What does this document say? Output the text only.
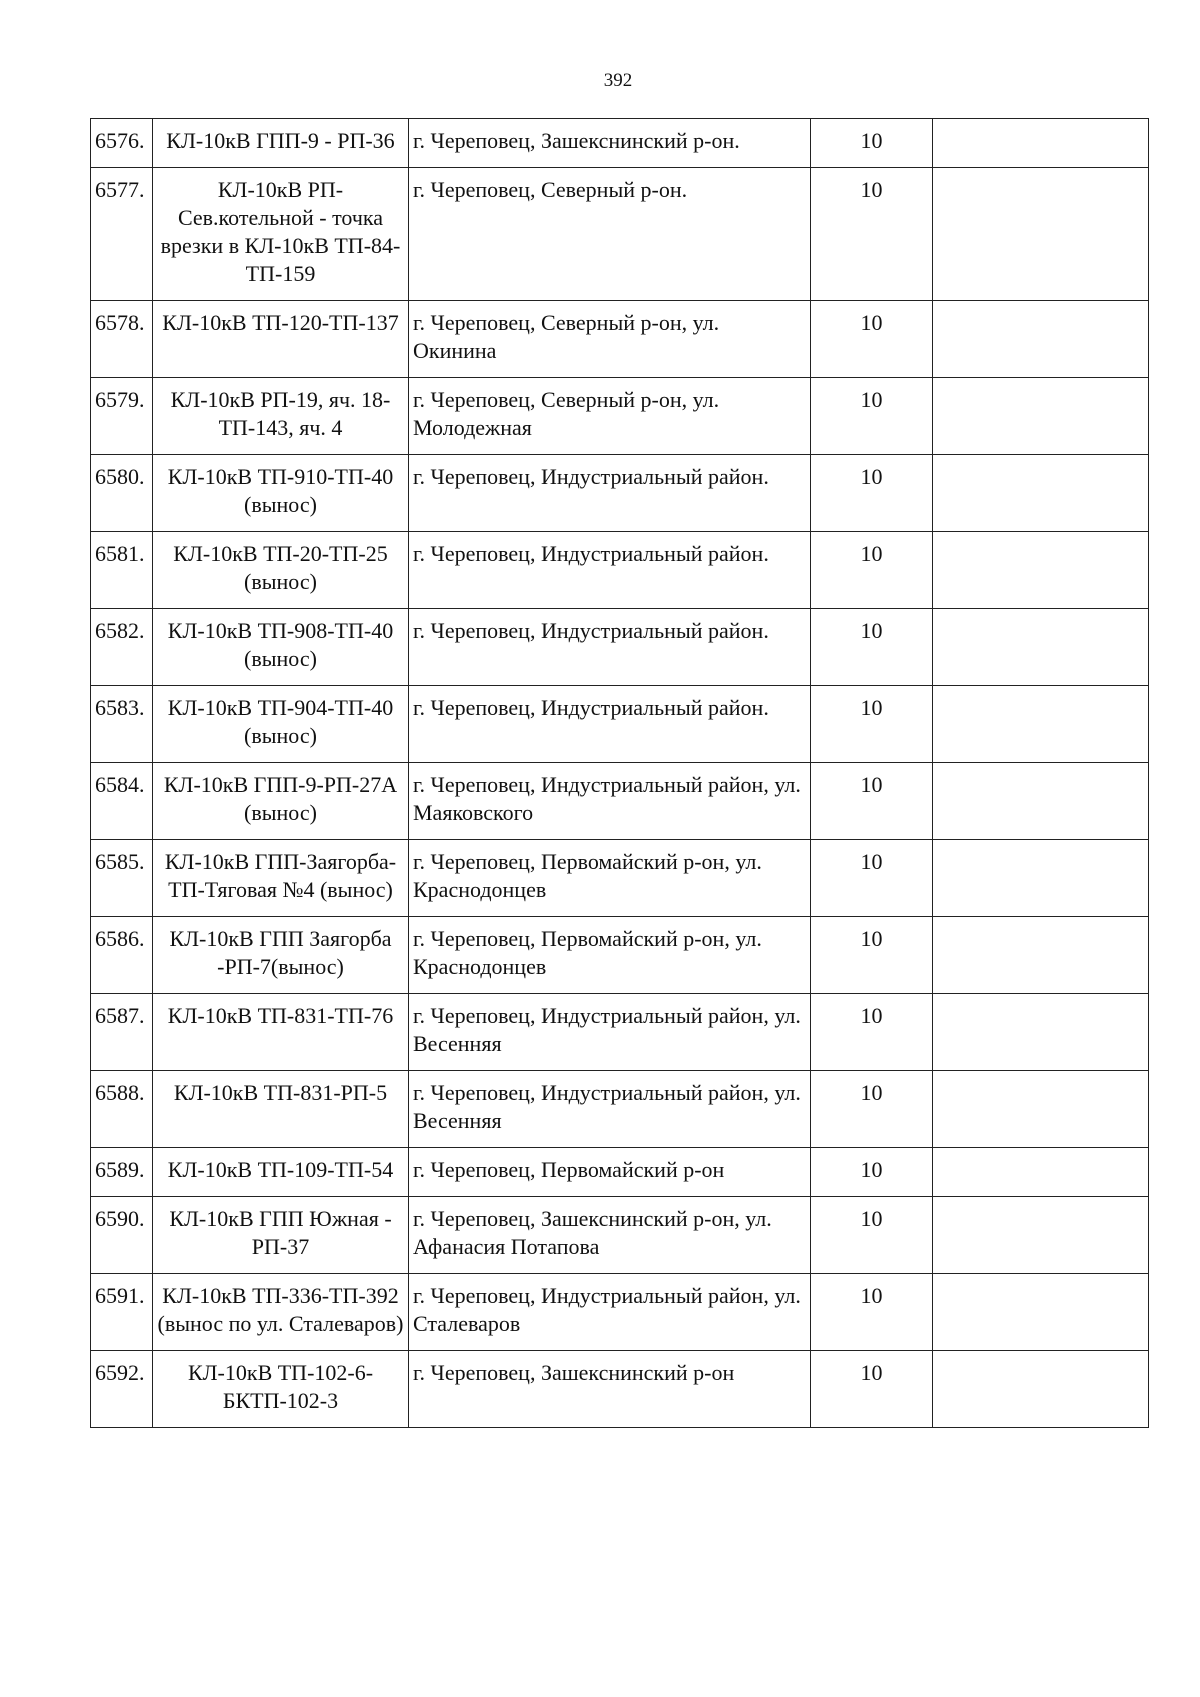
392
6576.	КЛ-10кВ ГПП-9 - РП-36	г. Череповец, Зашекснинский р-он.	10	
6577.	КЛ-10кВ РП-Сев.котельной - точка врезки в КЛ-10кВ ТП-84-ТП-159	г. Череповец, Северный р-он.	10	
6578.	КЛ-10кВ ТП-120-ТП-137	г. Череповец, Северный р-он, ул. Окинина	10	
6579.	КЛ-10кВ РП-19, яч. 18-ТП-143, яч. 4	г. Череповец, Северный р-он, ул. Молодежная	10	
6580.	КЛ-10кВ ТП-910-ТП-40 (вынос)	г. Череповец, Индустриальный район.	10	
6581.	КЛ-10кВ ТП-20-ТП-25 (вынос)	г. Череповец, Индустриальный район.	10	
6582.	КЛ-10кВ ТП-908-ТП-40 (вынос)	г. Череповец, Индустриальный район.	10	
6583.	КЛ-10кВ ТП-904-ТП-40 (вынос)	г. Череповец, Индустриальный район.	10	
6584.	КЛ-10кВ ГПП-9-РП-27А (вынос)	г. Череповец, Индустриальный район, ул. Маяковского	10	
6585.	КЛ-10кВ ГПП-Заягорба-ТП-Тяговая №4 (вынос)	г. Череповец, Первомайский р-он, ул. Краснодонцев	10	
6586.	КЛ-10кВ ГПП Заягорба -РП-7(вынос)	г. Череповец, Первомайский р-он, ул. Краснодонцев	10	
6587.	КЛ-10кВ ТП-831-ТП-76	г. Череповец, Индустриальный район, ул. Весенняя	10	
6588.	КЛ-10кВ ТП-831-РП-5	г. Череповец, Индустриальный район, ул. Весенняя	10	
6589.	КЛ-10кВ ТП-109-ТП-54	г. Череповец, Первомайский р-он	10	
6590.	КЛ-10кВ ГПП Южная - РП-37	г. Череповец, Зашекснинский р-он, ул. Афанасия Потапова	10	
6591.	КЛ-10кВ ТП-336-ТП-392 (вынос по ул. Сталеваров)	г. Череповец, Индустриальный район, ул. Сталеваров	10	
6592.	КЛ-10кВ ТП-102-6-БКТП-102-3	г. Череповец, Зашекснинский р-он	10	
